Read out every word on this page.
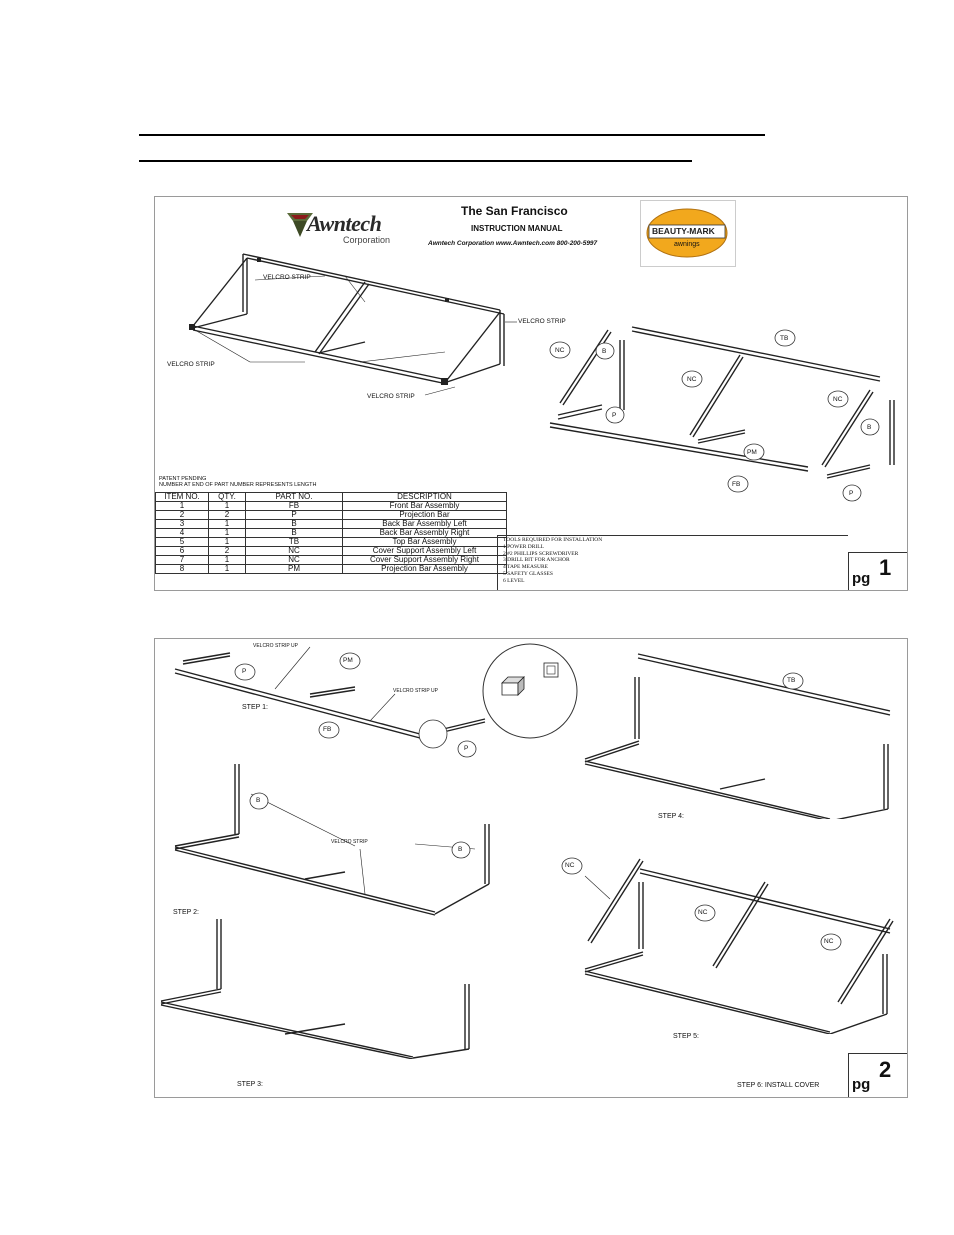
Awntech
Corporation
The San Francisco
INSTRUCTION MANUAL
Awntech Corporation www.Awntech.com 800-200-5997
BEAUTY-MARK
awnings
VELCRO STRIP
VELCRO STRIP
VELCRO STRIP
VELCRO STRIP
NC	B
TB
NC
NC
B
P
PM
FB
P
PATENT PENDING
NUMBER AT END OF PART NUMBER REPRESENTS LENGTH
ITEM NO.	QTY.	PART NO.	DESCRIPTION
1	1	FB	Front Bar Assembly
2	2	P	Projection Bar
3	1	B	Back Bar Assembly Left
4	1	B	Back Bar Assembly Right
5	1	TB	Top Bar Assembly
6	2	NC	Cover Support Assembly Left
7	1	NC	Cover Support Assembly Right
8	1	PM	Projection Bar Assembly
TOOLS REQUIRED FOR INSTALLATION
1 POWER DRILL
2 #2 PHILLIPS SCREWDRIVER
3 DRILL BIT FOR ANCHOR
4 TAPE MEASURE
5 SAFETY GLASSES
6 LEVEL	pg 1
P
PM
FB
P
VELCRO STRIP UP
VELCRO STRIP UP
STEP 1:
B
B
VELCRO STRIP
STEP 2:
STEP 3:
TB
STEP 4:
NC
NC
NC
STEP 5:
STEP 6: INSTALL COVER pg
2
